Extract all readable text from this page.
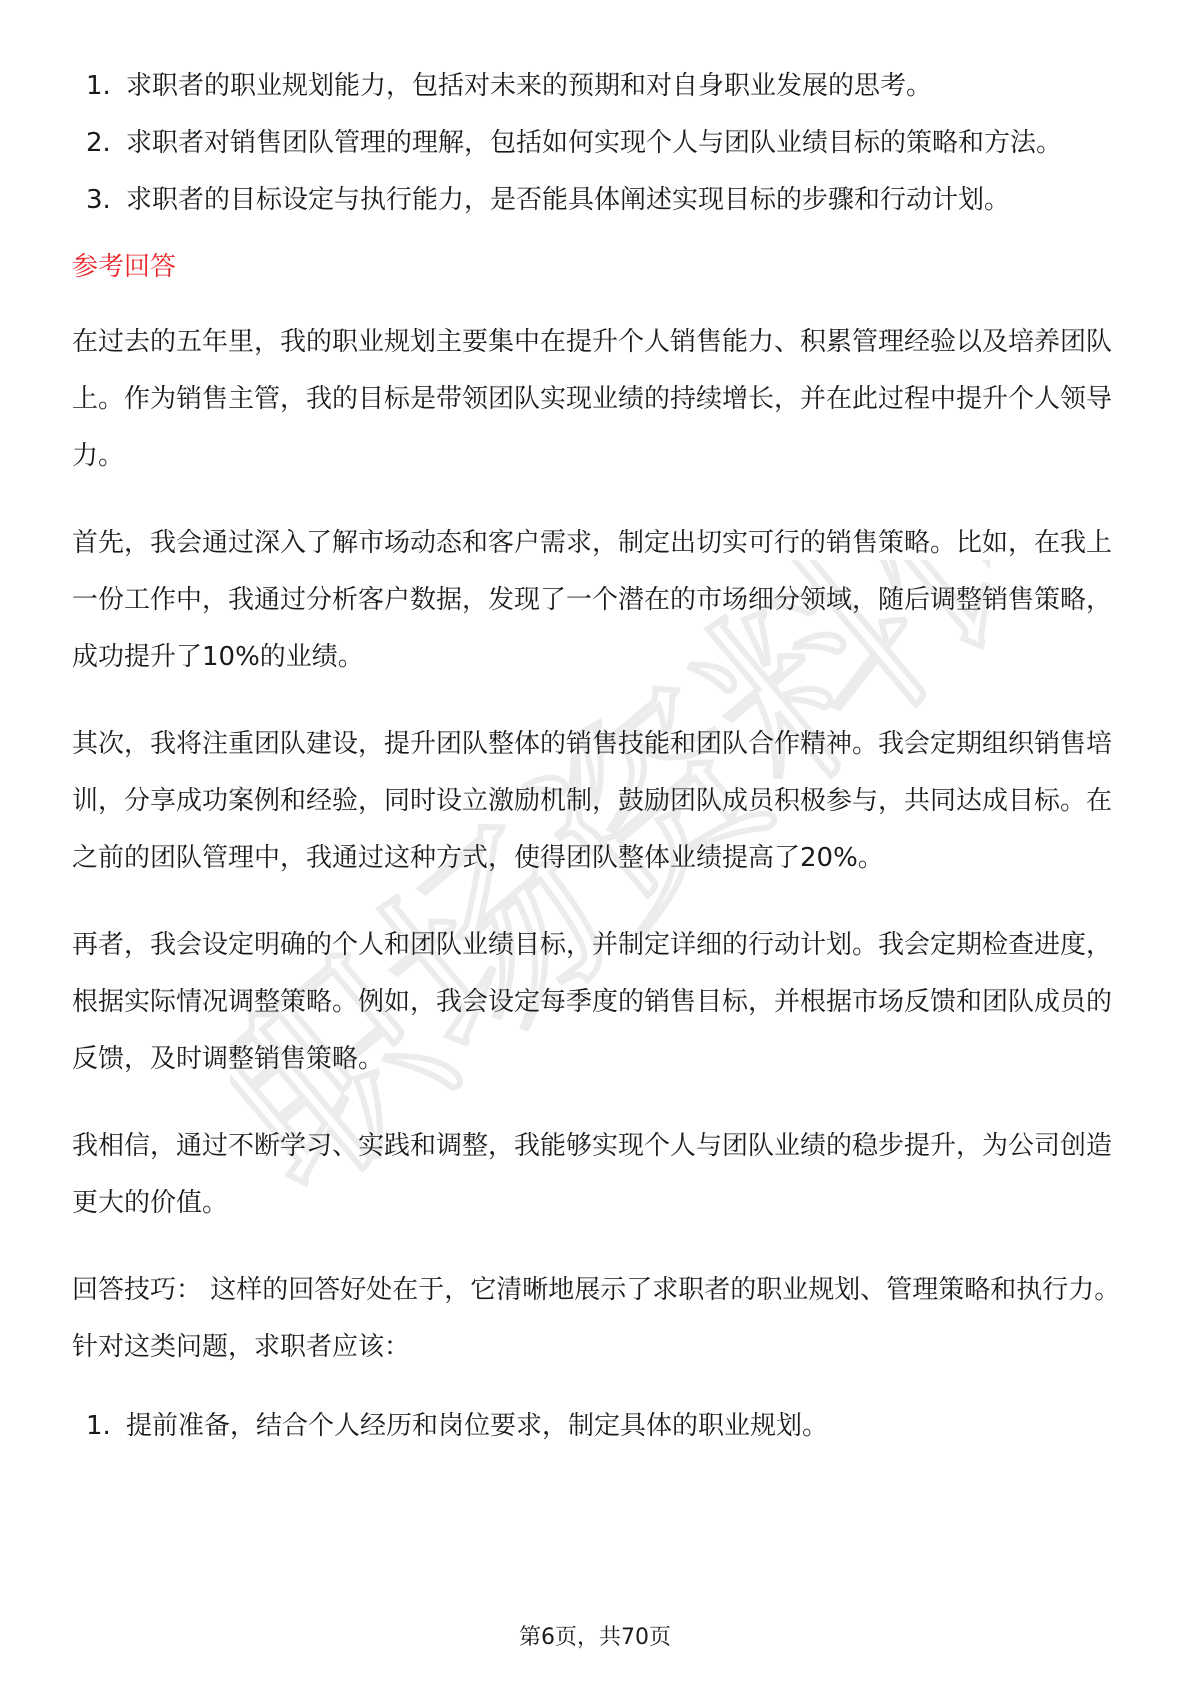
职场资料馆
1. 求职者的职业规划能力，包括对未来的预期和对自身职业发展的思考。
2. 求职者对销售团队管理的理解，包括如何实现个人与团队业绩目标的策略和方法。
3. 求职者的目标设定与执行能力，是否能具体阐述实现目标的步骤和行动计划。
参考回答

在过去的五年里，我的职业规划主要集中在提升个人销售能力、积累管理经验以及培养团队上。作为销售主管，我的目标是带领团队实现业绩的持续增长，并在此过程中提升个人领导力。

首先，我会通过深入了解市场动态和客户需求，制定出切实可行的销售策略。比如，在我上一份工作中，我通过分析客户数据，发现了一个潜在的市场细分领域，随后调整销售策略，成功提升了10%的业绩。

其次，我将注重团队建设，提升团队整体的销售技能和团队合作精神。我会定期组织销售培训，分享成功案例和经验，同时设立激励机制，鼓励团队成员积极参与，共同达成目标。在之前的团队管理中，我通过这种方式，使得团队整体业绩提高了20%。

再者，我会设定明确的个人和团队业绩目标，并制定详细的行动计划。我会定期检查进度，根据实际情况调整策略。例如，我会设定每季度的销售目标，并根据市场反馈和团队成员的反馈，及时调整销售策略。

我相信，通过不断学习、实践和调整，我能够实现个人与团队业绩的稳步提升，为公司创造更大的价值。

回答技巧： 这样的回答好处在于，它清晰地展示了求职者的职业规划、管理策略和执行力。针对这类问题，求职者应该：

1. 提前准备，结合个人经历和岗位要求，制定具体的职业规划。
第6页，共70页
